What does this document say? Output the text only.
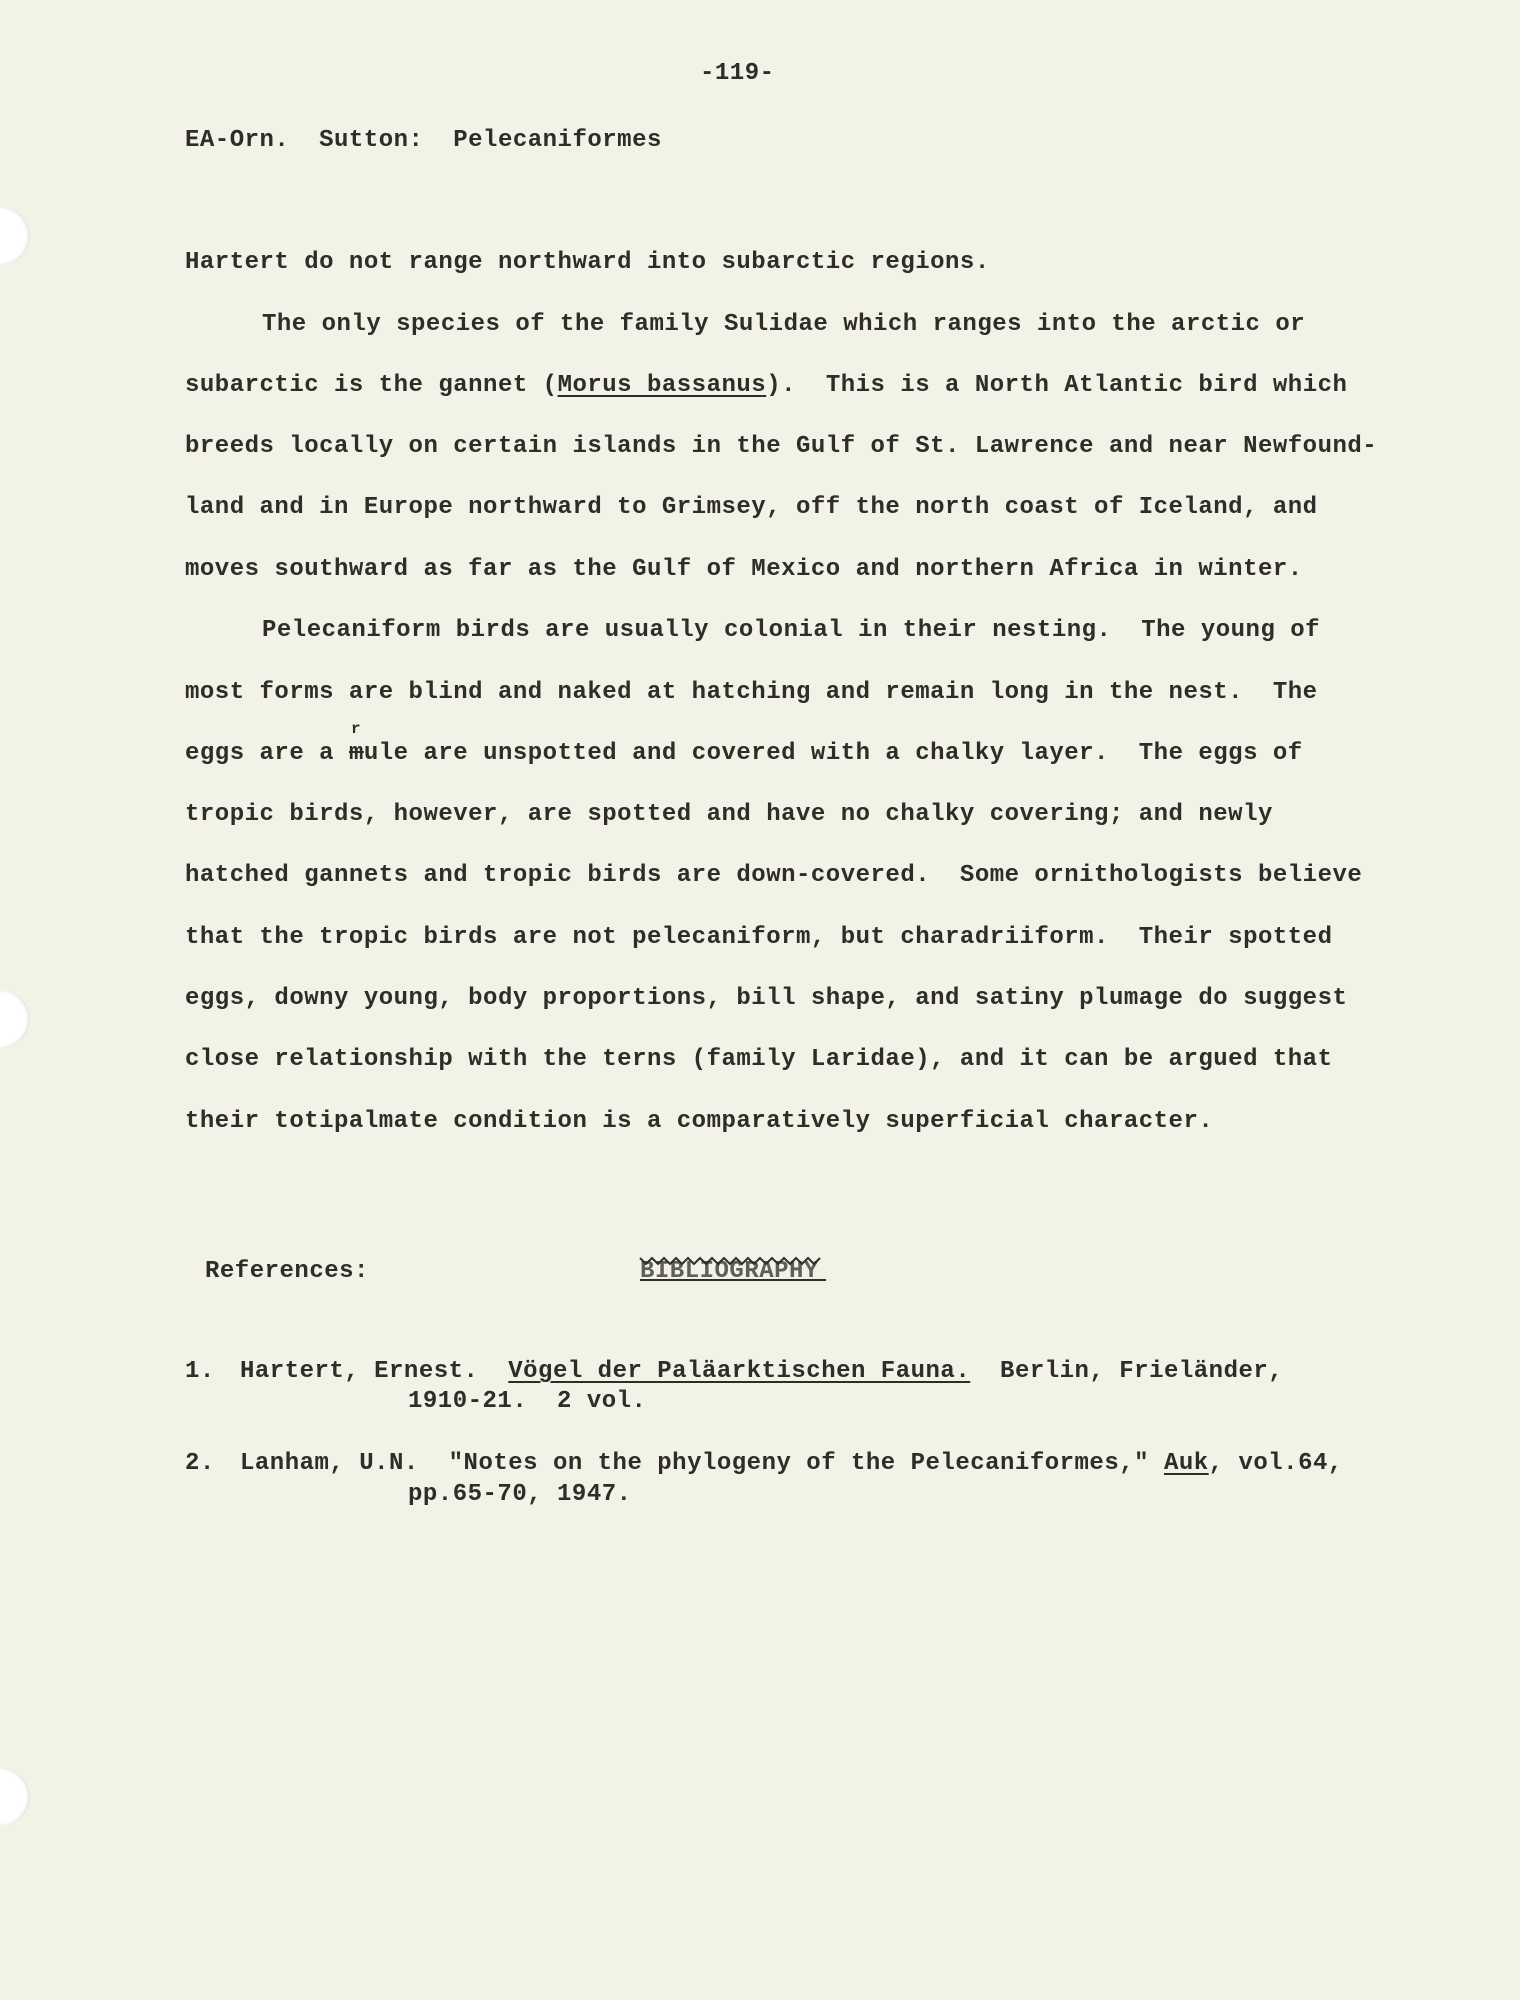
-119-
EA-Orn.  Sutton:  Pelecaniformes
Hartert do not range northward into subarctic regions.
The only species of the family Sulidae which ranges into the arctic or
subarctic is the gannet (Morus bassanus).  This is a North Atlantic bird which
breeds locally on certain islands in the Gulf of St. Lawrence and near Newfound-
land and in Europe northward to Grimsey, off the north coast of Iceland, and
moves southward as far as the Gulf of Mexico and northern Africa in winter.
Pelecaniform birds are usually colonial in their nesting.  The young of
most forms are blind and naked at hatching and remain long in the nest.  The
eggs are a m
r
ule are unspotted and covered with a chalky layer.  The eggs of
tropic birds, however, are spotted and have no chalky covering; and newly
hatched gannets and tropic birds are down-covered.  Some ornithologists believe
that the tropic birds are not pelecaniform, but charadriiform.  Their spotted
eggs, downy young, body proportions, bill shape, and satiny plumage do suggest
close relationship with the terns (family Laridae), and it can be argued that
their totipalmate condition is a comparatively superficial character.
References:	BIBLIOGRAPHY
1. Hartert, Ernest.  Vögel der Paläarktischen Fauna.  Berlin, Frieländer,
1910-21.  2 vol.
2. Lanham, U.N.  "Notes on the phylogeny of the Pelecaniformes," Auk, vol.64,
pp.65-70, 1947.
